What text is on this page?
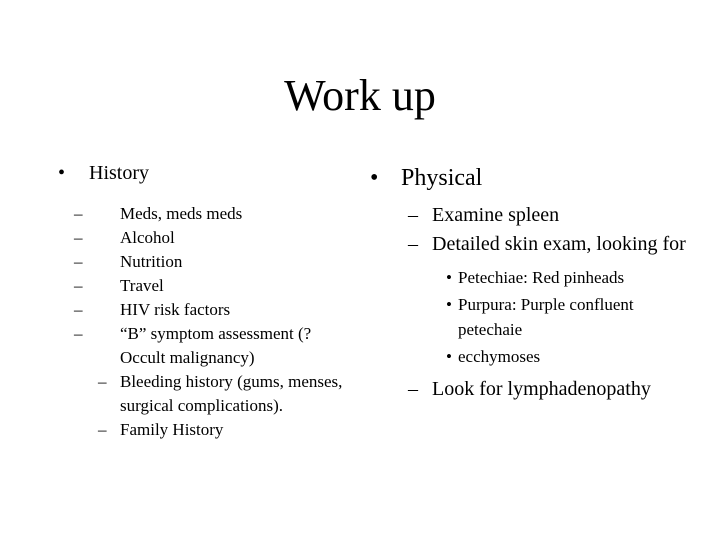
Work up
• History
– Meds, meds meds
– Alcohol
– Nutrition
– Travel
– HIV risk factors
– “B” symptom assessment (? Occult malignancy)
– Bleeding history (gums, menses, surgical complications).
– Family History
• Physical
– Examine spleen
– Detailed skin exam, looking for
• Petechiae: Red pinheads
• Purpura: Purple confluent petechaie
• ecchymoses
– Look for lymphadenopathy
